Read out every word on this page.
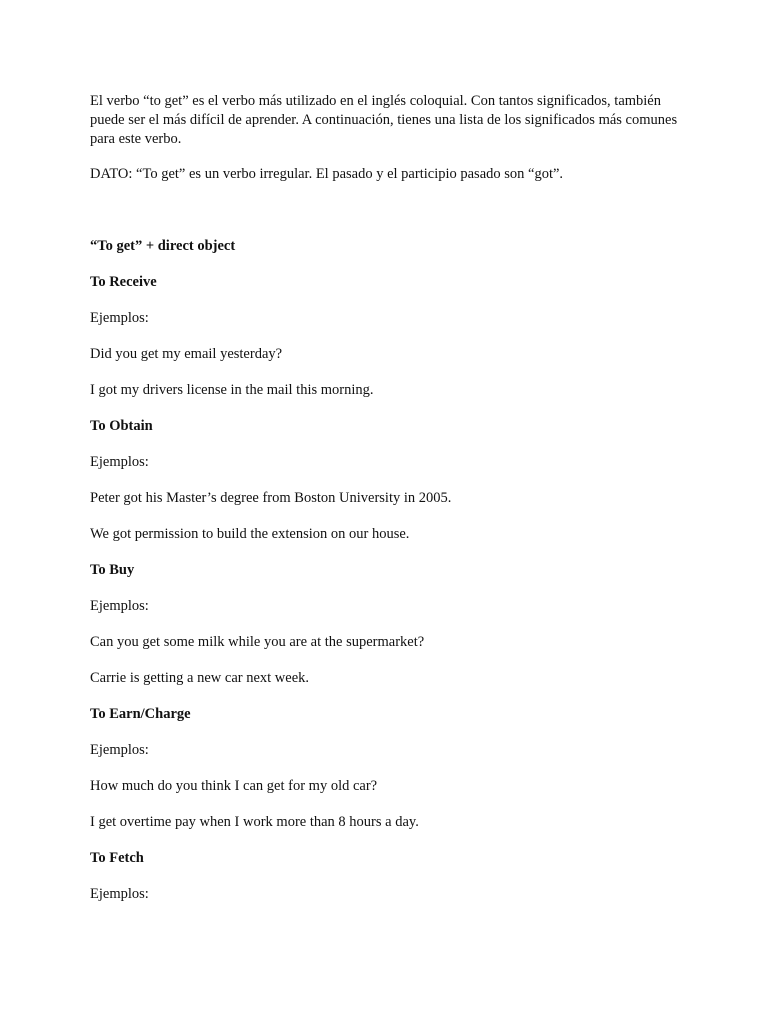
El verbo “to get” es el verbo más utilizado en el inglés coloquial. Con tantos significados, también puede ser el más difícil de aprender. A continuación, tienes una lista de los significados más comunes para este verbo.

DATO: “To get” es un verbo irregular. El pasado y el participio pasado son “got”.

“To get” + direct object

To Receive

Ejemplos:

Did you get my email yesterday?

I got my drivers license in the mail this morning.

To Obtain

Ejemplos:

Peter got his Master’s degree from Boston University in 2005.

We got permission to build the extension on our house.

To Buy

Ejemplos:

Can you get some milk while you are at the supermarket?

Carrie is getting a new car next week.

To Earn/Charge

Ejemplos:

How much do you think I can get for my old car?

I get overtime pay when I work more than 8 hours a day.

To Fetch

Ejemplos:
